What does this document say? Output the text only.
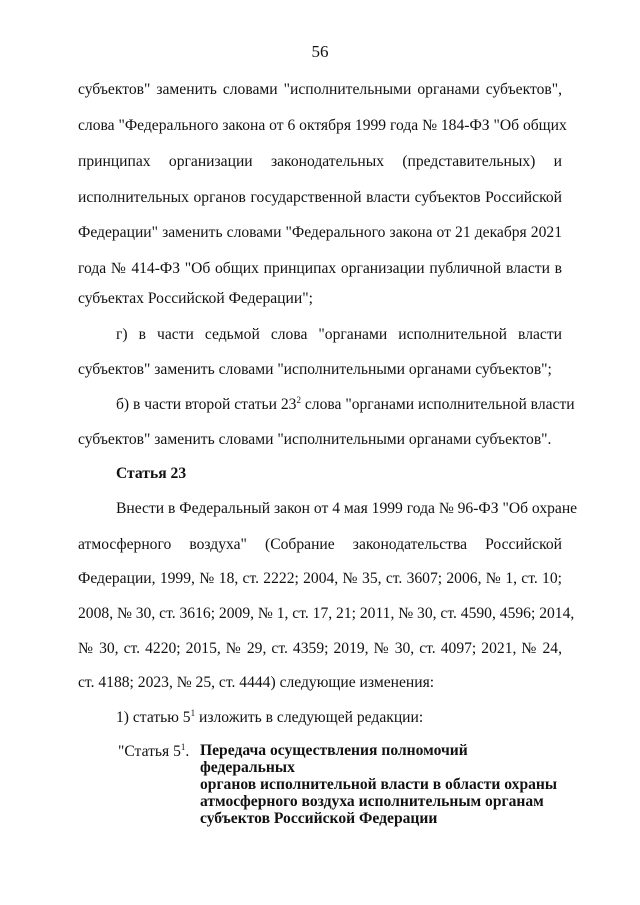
56
субъектов" заменить словами "исполнительными органами субъектов",
слова "Федерального закона от 6 октября 1999 года № 184-ФЗ "Об общих
принципах организации законодательных (представительных) и
исполнительных органов государственной власти субъектов Российской
Федерации" заменить словами "Федерального закона от 21 декабря 2021
года № 414-ФЗ "Об общих принципах организации публичной власти в
субъектах Российской Федерации";
г) в части седьмой слова "органами исполнительной власти
субъектов" заменить словами "исполнительными органами субъектов";
б) в части второй статьи $23^2$ слова "органами исполнительной власти
субъектов" заменить словами "исполнительными органами субъектов".
Статья 23
Внести в Федеральный закон от 4 мая 1999 года № 96-ФЗ "Об охране
атмосферного воздуха" (Собрание законодательства Российской
Федерации, 1999, № 18, ст. 2222; 2004, № 35, ст. 3607; 2006, № 1, ст. 10;
2008, № 30, ст. 3616; 2009, № 1, ст. 17, 21; 2011, № 30, ст. 4590, 4596; 2014,
№ 30, ст. 4220; 2015, № 29, ст. 4359; 2019, № 30, ст. 4097; 2021, № 24,
ст. 4188; 2023, № 25, ст. 4444) следующие изменения:
1) статью $5^1$ изложить в следующей редакции:
"Статья $5^1$. Передача осуществления полномочий федеральных
органов исполнительной власти в области охраны
атмосферного воздуха исполнительным органам
субъектов Российской Федерации
